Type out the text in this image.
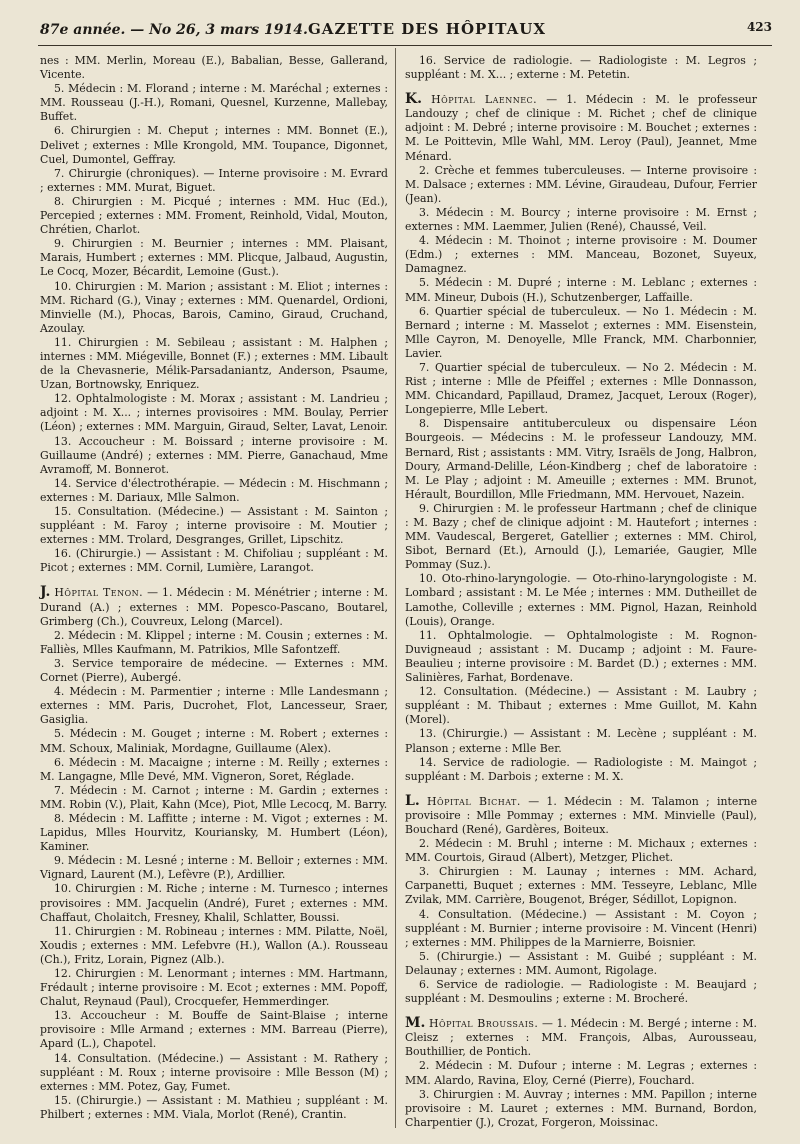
87e année. — No 26, 3 mars 1914. GAZETTE DES HÔPITAUX	423

nes : MM. Merlin, Moreau (E.), Babalian, Besse, Gallerand, Vicente.

5. Médecin : M. Florand ; interne : M. Maréchal ; externes : MM. Rousseau (J.-H.), Romani, Quesnel, Kurzenne, Mallebay, Buffet.

6. Chirurgien : M. Cheput ; internes : MM. Bonnet (E.), Delivet ; externes : Mlle Krongold, MM. Toupance, Digonnet, Cuel, Dumontel, Geffray.

7. Chirurgie (chroniques). — Interne provisoire : M. Evrard ; externes : MM. Murat, Biguet.

8. Chirurgien : M. Picqué ; internes : MM. Huc (Ed.), Percepied ; externes : MM. Froment, Reinhold, Vidal, Mouton, Chrétien, Charlot.

9. Chirurgien : M. Beurnier ; internes : MM. Plaisant, Marais, Humbert ; externes : MM. Plicque, Jalbaud, Augustin, Le Cocq, Mozer, Bécardit, Lemoine (Gust.).

10. Chirurgien : M. Marion ; assistant : M. Eliot ; internes : MM. Richard (G.), Vinay ; externes : MM. Quenardel, Ordioni, Minvielle (M.), Phocas, Barois, Camino, Giraud, Cruchand, Azoulay.

11. Chirurgien : M. Sebileau ; assistant : M. Halphen ; internes : MM. Miégeville, Bonnet (F.) ; externes : MM. Libault de la Chevasnerie, Mélik-Parsadaniantz, Anderson, Psaume, Uzan, Bortnowsky, Enriquez.

12. Ophtalmologiste : M. Morax ; assistant : M. Landrieu ; adjoint : M. X... ; internes provisoires : MM. Boulay, Perrier (Léon) ; externes : MM. Marguin, Giraud, Selter, Lavat, Lenoir.

13. Accoucheur : M. Boissard ; interne provisoire : M. Guillaume (André) ; externes : MM. Pierre, Ganachaud, Mme Avramoff, M. Bonnerot.

14. Service d'électrothérapie. — Médecin : M. Hischmann ; externes : M. Dariaux, Mlle Salmon.

15. Consultation. (Médecine.) — Assistant : M. Sainton ; suppléant : M. Faroy ; interne provisoire : M. Moutier ; externes : MM. Trolard, Desgranges, Grillet, Lipschitz.

16. (Chirurgie.) — Assistant : M. Chifoliau ; suppléant : M. Picot ; externes : MM. Cornil, Lumière, Larangot.

J. Hôpital Tenon. — 1. Médecin : M. Ménétrier ; interne : M. Durand (A.) ; externes : MM. Popesco-Pascano, Boutarel, Grimberg (Ch.), Couvreux, Lelong (Marcel).

2. Médecin : M. Klippel ; interne : M. Cousin ; externes : M. Falliès, Mlles Kaufmann, M. Patrikios, Mlle Safontzeff.

3. Service temporaire de médecine. — Externes : MM. Cornet (Pierre), Aubergé.

4. Médecin : M. Parmentier ; interne : Mlle Landesmann ; externes : MM. Paris, Ducrohet, Flot, Lancesseur, Sraer, Gasiglia.

5. Médecin : M. Gouget ; interne : M. Robert ; externes : MM. Schoux, Maliniak, Mordagne, Guillaume (Alex).

6. Médecin : M. Macaigne ; interne : M. Reilly ; externes : M. Langagne, Mlle Devé, MM. Vigneron, Soret, Réglade.

7. Médecin : M. Carnot ; interne : M. Gardin ; externes : MM. Robin (V.), Plait, Kahn (Mce), Piot, Mlle Lecocq, M. Barry.

8. Médecin : M. Laffitte ; interne : M. Vigot ; externes : M. Lapidus, Mlles Hourvitz, Kouriansky, M. Humbert (Léon), Kaminer.

9. Médecin : M. Lesné ; interne : M. Belloir ; externes : MM. Vignard, Laurent (M.), Lefèvre (P.), Ardillier.

10. Chirurgien : M. Riche ; interne : M. Turnesco ; internes provisoires : MM. Jacquelin (André), Furet ; externes : MM. Chaffaut, Cholaitch, Fresney, Khalil, Schlatter, Boussi.

11. Chirurgien : M. Robineau ; internes : MM. Pilatte, Noël, Xoudis ; externes : MM. Lefebvre (H.), Wallon (A.). Rousseau (Ch.), Fritz, Lorain, Pignez (Alb.).

12. Chirurgien : M. Lenormant ; internes : MM. Hartmann, Frédault ; interne provisoire : M. Ecot ; externes : MM. Popoff, Chalut, Reynaud (Paul), Crocquefer, Hemmerdinger.

13. Accoucheur : M. Bouffe de Saint-Blaise ; interne provisoire : Mlle Armand ; externes : MM. Barreau (Pierre), Apard (L.), Chapotel.

14. Consultation. (Médecine.) — Assistant : M. Rathery ; suppléant : M. Roux ; interne provisoire : Mlle Besson (M) ; externes : MM. Potez, Gay, Fumet.

15. (Chirurgie.) — Assistant : M. Mathieu ; suppléant : M. Philbert ; externes : MM. Viala, Morlot (René), Crantin.

16. Service de radiologie. — Radiologiste : M. Legros ; suppléant : M. X... ; externe : M. Petetin.

K. Hôpital Laennec. — 1. Médecin : M. le professeur Landouzy ; chef de clinique : M. Richet ; chef de clinique adjoint : M. Debré ; interne provisoire : M. Bouchet ; externes : M. Le Poittevin, Mlle Wahl, MM. Leroy (Paul), Jeannet, Mme Ménard.

2. Crèche et femmes tuberculeuses. — Interne provisoire : M. Dalsace ; externes : MM. Lévine, Giraudeau, Dufour, Ferrier (Jean).

3. Médecin : M. Bourcy ; interne provisoire : M. Ernst ; externes : MM. Laemmer, Julien (René), Chaussé, Veil.

4. Médecin : M. Thoinot ; interne provisoire : M. Doumer (Edm.) ; externes : MM. Manceau, Bozonet, Suyeux, Damagnez.

5. Médecin : M. Dupré ; interne : M. Leblanc ; externes : MM. Mineur, Dubois (H.), Schutzenberger, Laffaille.

6. Quartier spécial de tuberculeux. — No 1. Médecin : M. Bernard ; interne : M. Masselot ; externes : MM. Eisenstein, Mlle Cayron, M. Denoyelle, Mlle Franck, MM. Charbonnier, Lavier.

7. Quartier spécial de tuberculeux. — No 2. Médecin : M. Rist ; interne : Mlle de Pfeiffel ; externes : Mlle Donnasson, MM. Chicandard, Papillaud, Dramez, Jacquet, Leroux (Roger), Longepierre, Mlle Lebert.

8. Dispensaire antituberculeux ou dispensaire Léon Bourgeois. — Médecins : M. le professeur Landouzy, MM. Bernard, Rist ; assistants : MM. Vitry, Israëls de Jong, Halbron, Doury, Armand-Delille, Léon-Kindberg ; chef de laboratoire : M. Le Play ; adjoint : M. Ameuille ; externes : MM. Brunot, Hérault, Bourdillon, Mlle Friedmann, MM. Hervouet, Nazein.

9. Chirurgien : M. le professeur Hartmann ; chef de clinique : M. Bazy ; chef de clinique adjoint : M. Hautefort ; internes : MM. Vaudescal, Bergeret, Gatellier ; externes : MM. Chirol, Sibot, Bernard (Et.), Arnould (J.), Lemariée, Gaugier, Mlle Pommay (Suz.).

10. Oto-rhino-laryngologie. — Oto-rhino-laryngologiste : M. Lombard ; assistant : M. Le Mée ; internes : MM. Dutheillet de Lamothe, Colleville ; externes : MM. Pignol, Hazan, Reinhold (Louis), Orange.

11. Ophtalmologie. — Ophtalmologiste : M. Rognon-Duvigneaud ; assistant : M. Ducamp ; adjoint : M. Faure-Beaulieu ; interne provisoire : M. Bardet (D.) ; externes : MM. Salinières, Farhat, Bordenave.

12. Consultation. (Médecine.) — Assistant : M. Laubry ; suppléant : M. Thibaut ; externes : Mme Guillot, M. Kahn (Morel).

13. (Chirurgie.) — Assistant : M. Lecène ; suppléant : M. Planson ; externe : Mlle Ber.

14. Service de radiologie. — Radiologiste : M. Maingot ; suppléant : M. Darbois ; externe : M. X.

L. Hôpital Bichat. — 1. Médecin : M. Talamon ; interne provisoire : Mlle Pommay ; externes : MM. Minvielle (Paul), Bouchard (René), Gardères, Boiteux.

2. Médecin : M. Bruhl ; interne : M. Michaux ; externes : MM. Courtois, Giraud (Albert), Metzger, Plichet.

3. Chirurgien : M. Launay ; internes : MM. Achard, Carpanetti, Buquet ; externes : MM. Tesseyre, Leblanc, Mlle Zvilak, MM. Carrière, Bougenot, Bréger, Sédillot, Lopignon.

4. Consultation. (Médecine.) — Assistant : M. Coyon ; suppléant : M. Burnier ; interne provisoire : M. Vincent (Henri) ; externes : MM. Philippes de la Marnierre, Boisnier.

5. (Chirurgie.) — Assistant : M. Guibé ; suppléant : M. Delaunay ; externes : MM. Aumont, Rigolage.

6. Service de radiologie. — Radiologiste : M. Beaujard ; suppléant : M. Desmoulins ; externe : M. Brocheré.

M. Hôpital Broussais. — 1. Médecin : M. Bergé ; interne : M. Cleisz ; externes : MM. François, Albas, Aurousseau, Bouthillier, de Pontich.

2. Médecin : M. Dufour ; interne : M. Legras ; externes : MM. Alardo, Ravina, Eloy, Cerné (Pierre), Fouchard.

3. Chirurgien : M. Auvray ; internes : MM. Papillon ; interne provisoire : M. Lauret ; externes : MM. Burnand, Bordon, Charpentier (J.), Crozat, Forgeron, Moissinac.
